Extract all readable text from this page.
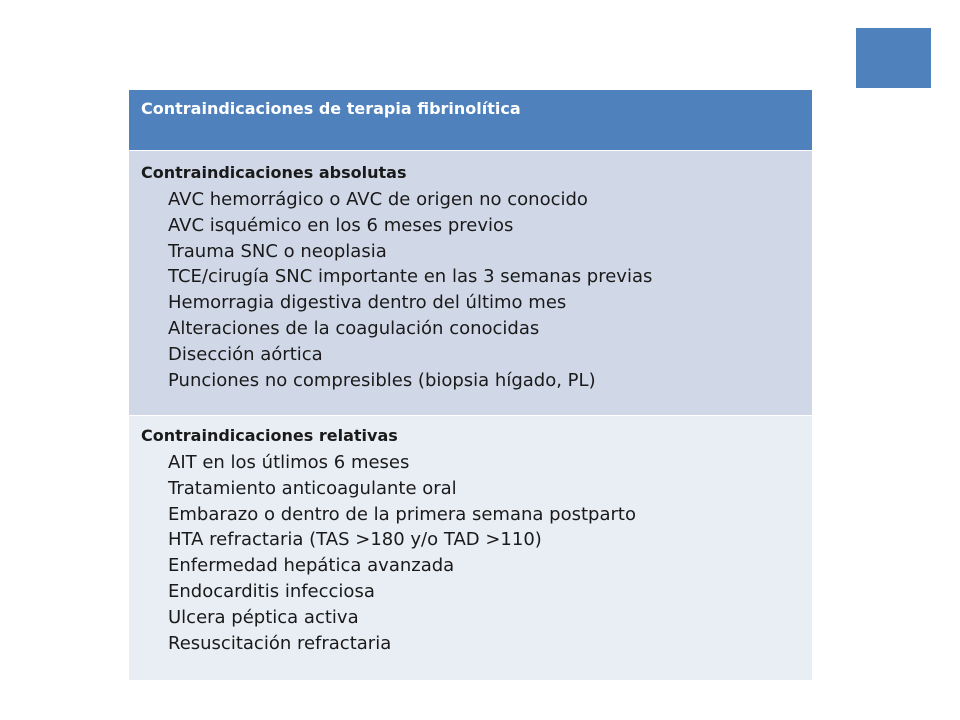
Contraindicaciones de terapia fibrinolítica
Contraindicaciones absolutas
AVC hemorrágico o AVC de origen no conocido
AVC isquémico en los 6 meses previos
Trauma SNC o neoplasia
TCE/cirugía SNC importante en las 3 semanas previas
Hemorragia digestiva dentro del último mes
Alteraciones de la coagulación conocidas
Disección aórtica
Punciones no compresibles (biopsia hígado, PL)
Contraindicaciones relativas
AIT en los útlimos 6 meses
Tratamiento anticoagulante oral
Embarazo o dentro de la primera semana postparto
HTA refractaria (TAS >180 y/o TAD >110)
Enfermedad hepática avanzada
Endocarditis infecciosa
Ulcera péptica activa
Resuscitación refractaria
